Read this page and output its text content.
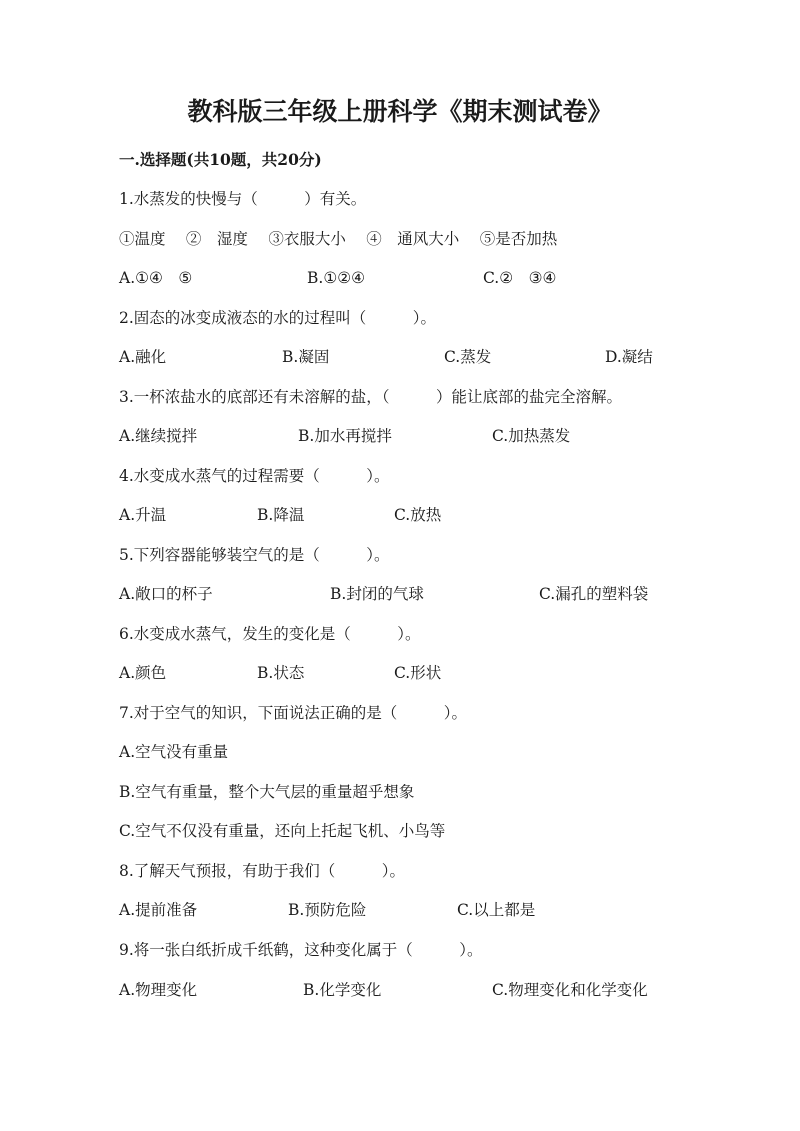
教科版三年级上册科学《期末测试卷》
一.选择题(共10题，共20分)
1.水蒸发的快慢与（　　　）有关。
①温度　 ②　湿度　 ③衣服大小　 ④　通风大小　 ⑤是否加热
A.①④　⑤	B.①②④	C.②　③④
2.固态的冰变成液态的水的过程叫（　　　）。
A.融化	B.凝固	C.蒸发	D.凝结
3.一杯浓盐水的底部还有未溶解的盐，（　　　）能让底部的盐完全溶解。
A.继续搅拌	B.加水再搅拌	C.加热蒸发
4.水变成水蒸气的过程需要（　　　）。
A.升温	B.降温	C.放热
5.下列容器能够装空气的是（　　　）。
A.敞口的杯子	B.封闭的气球	C.漏孔的塑料袋
6.水变成水蒸气，发生的变化是（　　　）。
A.颜色	B.状态	C.形状
7.对于空气的知识，下面说法正确的是（　　　）。
A.空气没有重量
B.空气有重量，整个大气层的重量超乎想象
C.空气不仅没有重量，还向上托起飞机、小鸟等
8.了解天气预报，有助于我们（　　　）。
A.提前准备	B.预防危险	C.以上都是
9.将一张白纸折成千纸鹤，这种变化属于（　　　）。
A.物理变化	B.化学变化	C.物理变化和化学变化
